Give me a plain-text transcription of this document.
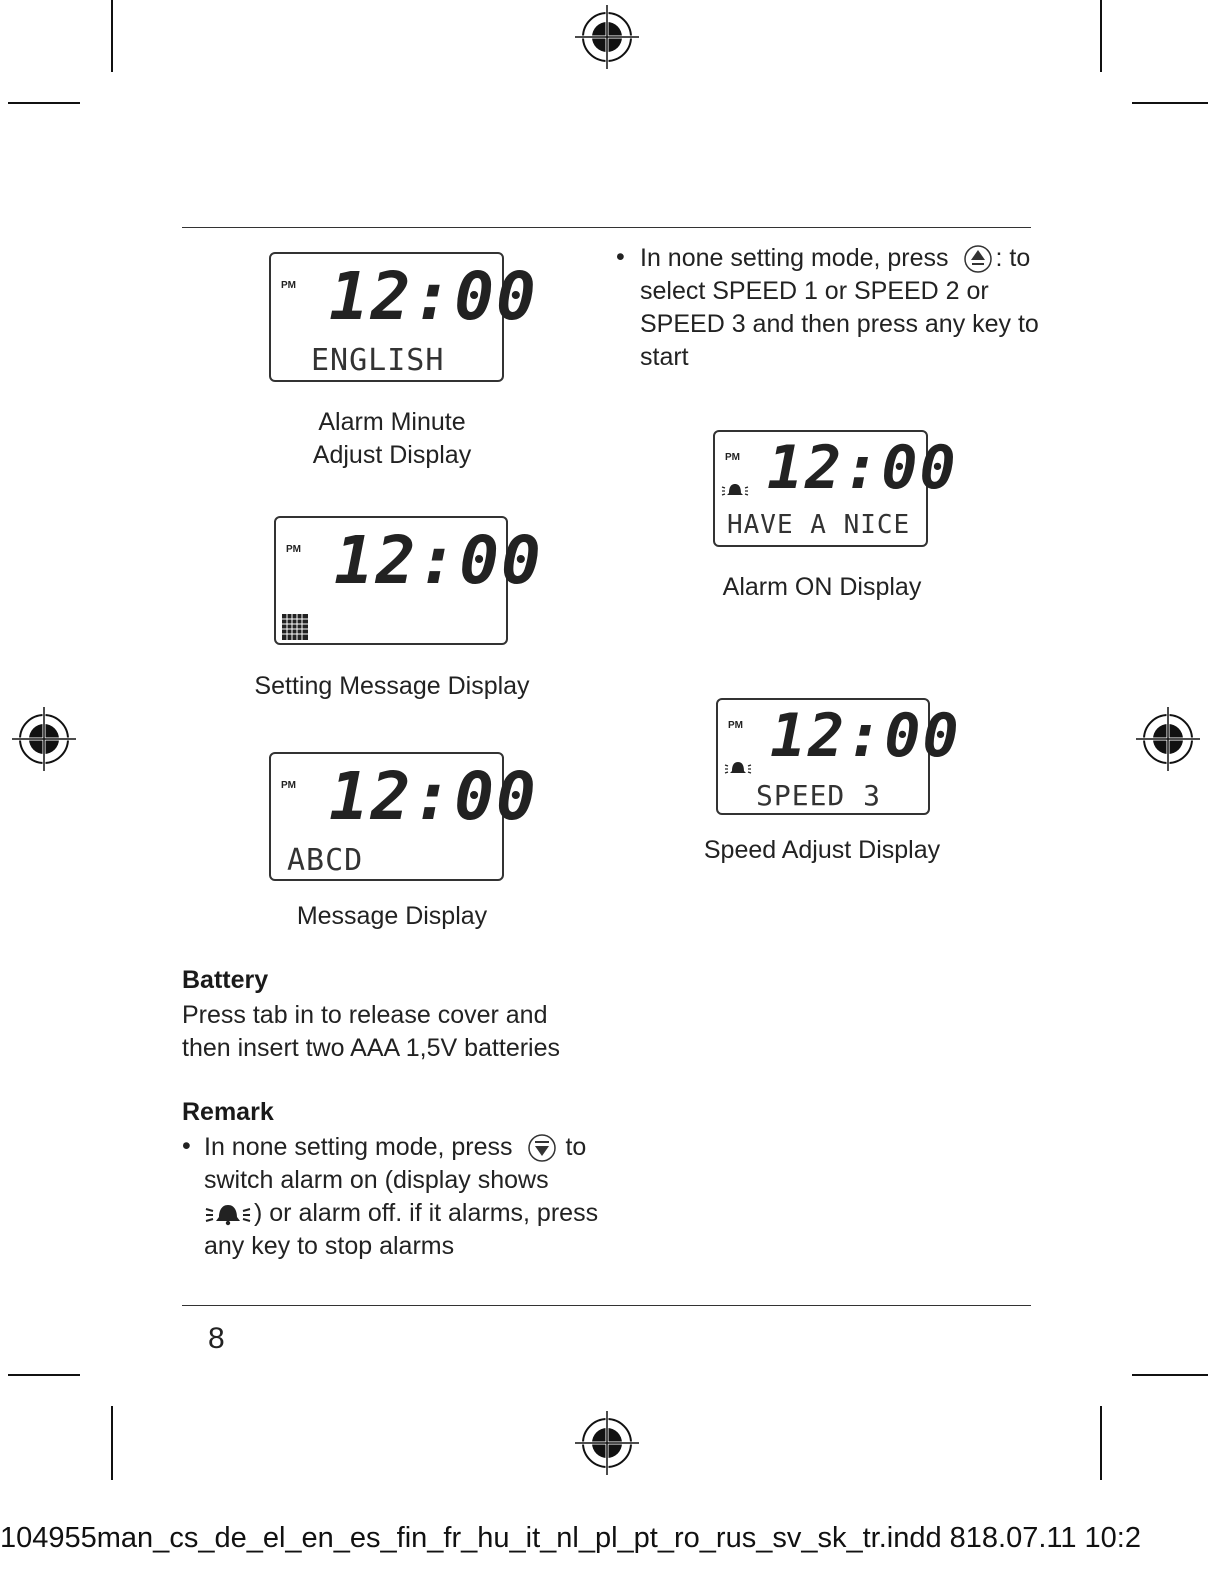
PM 12:00
ENGLISH
Alarm Minute
Adjust Display
PM 12:00
Setting Message Display
PM 12:00
ABCD
Message Display
• In none setting mode, press : to
select SPEED 1 or SPEED 2 or
SPEED 3 and then press any key to
start
PM 12:00
HAVE A NICE
Alarm ON Display
PM 12:00
SPEED 3
Speed Adjust Display
Battery
Press tab in to release cover and
then insert two AAA 1,5V batteries
Remark
• In none setting mode, press to
switch alarm on (display shows
) or alarm off. if it alarms, press
any key to stop alarms
8
104955man_cs_de_el_en_es_fin_fr_hu_it_nl_pl_pt_ro_rus_sv_sk_tr.indd 818.07.11 10:2
